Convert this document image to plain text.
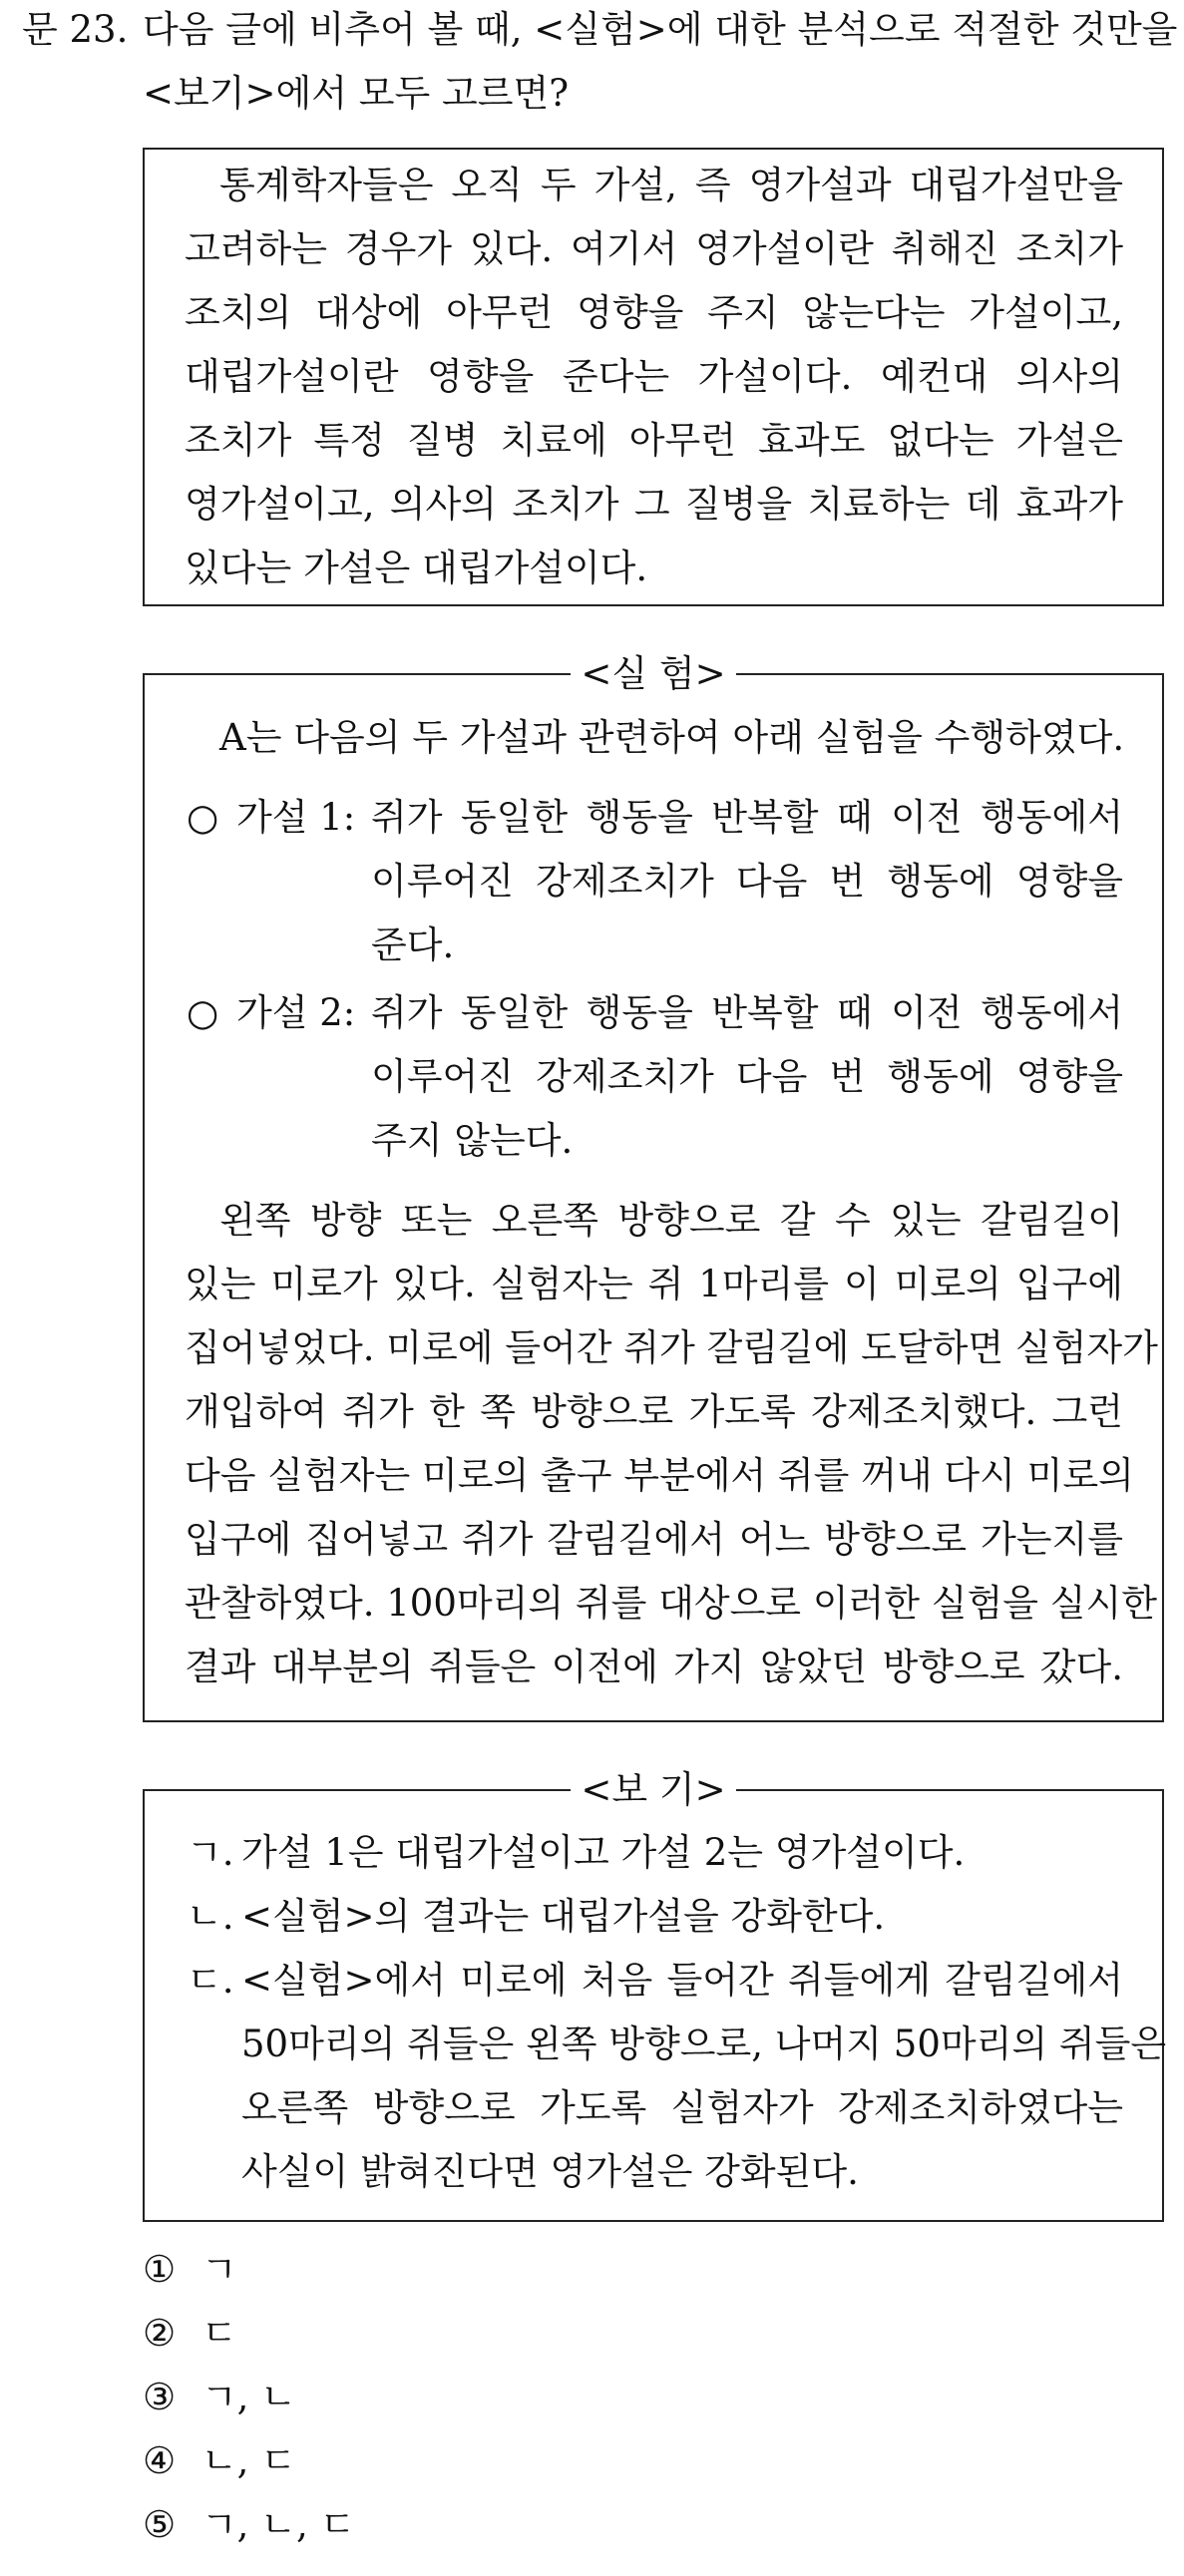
문 23. 다음 글에 비추어 볼 때, <실험>에 대한 분석으로 적절한 것만을
<보기>에서 모두 고르면?
통계학자들은 오직 두 가설, 즉 영가설과 대립가설만을
고려하는 경우가 있다. 여기서 영가설이란 취해진 조치가
조치의 대상에 아무런 영향을 주지 않는다는 가설이고,
대립가설이란 영향을 준다는 가설이다. 예컨대 의사의
조치가 특정 질병 치료에 아무런 효과도 없다는 가설은
영가설이고, 의사의 조치가 그 질병을 치료하는 데 효과가
있다는 가설은 대립가설이다.
<실 험>
A는 다음의 두 가설과 관련하여 아래 실험을 수행하였다.
○ 가설 1: 쥐가 동일한 행동을 반복할 때 이전 행동에서
이루어진 강제조치가 다음 번 행동에 영향을
준다.
○ 가설 2: 쥐가 동일한 행동을 반복할 때 이전 행동에서
이루어진 강제조치가 다음 번 행동에 영향을
주지 않는다.
왼쪽 방향 또는 오른쪽 방향으로 갈 수 있는 갈림길이
있는 미로가 있다. 실험자는 쥐 1마리를 이 미로의 입구에
집어넣었다. 미로에 들어간 쥐가 갈림길에 도달하면 실험자가
개입하여 쥐가 한 쪽 방향으로 가도록 강제조치했다. 그런
다음 실험자는 미로의 출구 부분에서 쥐를 꺼내 다시 미로의
입구에 집어넣고 쥐가 갈림길에서 어느 방향으로 가는지를
관찰하였다. 100마리의 쥐를 대상으로 이러한 실험을 실시한
결과 대부분의 쥐들은 이전에 가지 않았던 방향으로 갔다.
<보 기>
ㄱ. 가설 1은 대립가설이고 가설 2는 영가설이다.
ㄴ. <실험>의 결과는 대립가설을 강화한다.
ㄷ. <실험>에서 미로에 처음 들어간 쥐들에게 갈림길에서
50마리의 쥐들은 왼쪽 방향으로, 나머지 50마리의 쥐들은
오른쪽 방향으로 가도록 실험자가 강제조치하였다는
사실이 밝혀진다면 영가설은 강화된다.
① ㄱ
② ㄷ
③ ㄱ, ㄴ
④ ㄴ, ㄷ
⑤ ㄱ, ㄴ, ㄷ
